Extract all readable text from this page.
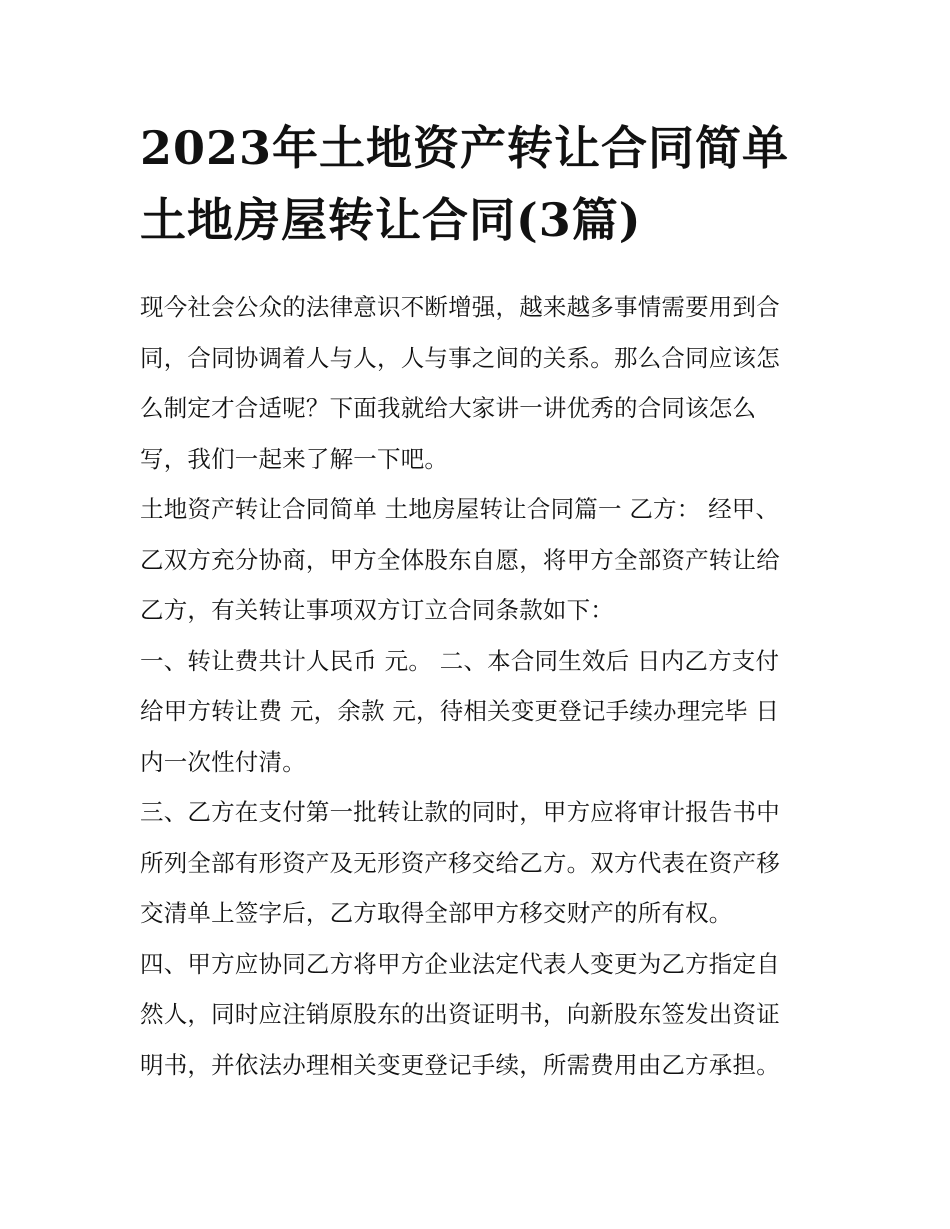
2023年土地资产转让合同简单
土地房屋转让合同(3篇)

现今社会公众的法律意识不断增强，越来越多事情需要用到合
同，合同协调着人与人，人与事之间的关系。那么合同应该怎
么制定才合适呢？下面我就给大家讲一讲优秀的合同该怎么
写，我们一起来了解一下吧。

土地资产转让合同简单 土地房屋转让合同篇一 乙方： 经甲、
乙双方充分协商，甲方全体股东自愿，将甲方全部资产转让给
乙方，有关转让事项双方订立合同条款如下：

一、转让费共计人民币 元。 二、本合同生效后 日内乙方支付
给甲方转让费 元，余款 元，待相关变更登记手续办理完毕 日
内一次性付清。

三、乙方在支付第一批转让款的同时，甲方应将审计报告书中
所列全部有形资产及无形资产移交给乙方。双方代表在资产移
交清单上签字后，乙方取得全部甲方移交财产的所有权。

四、甲方应协同乙方将甲方企业法定代表人变更为乙方指定自
然人，同时应注销原股东的出资证明书，向新股东签发出资证
明书，并依法办理相关变更登记手续，所需费用由乙方承担。
